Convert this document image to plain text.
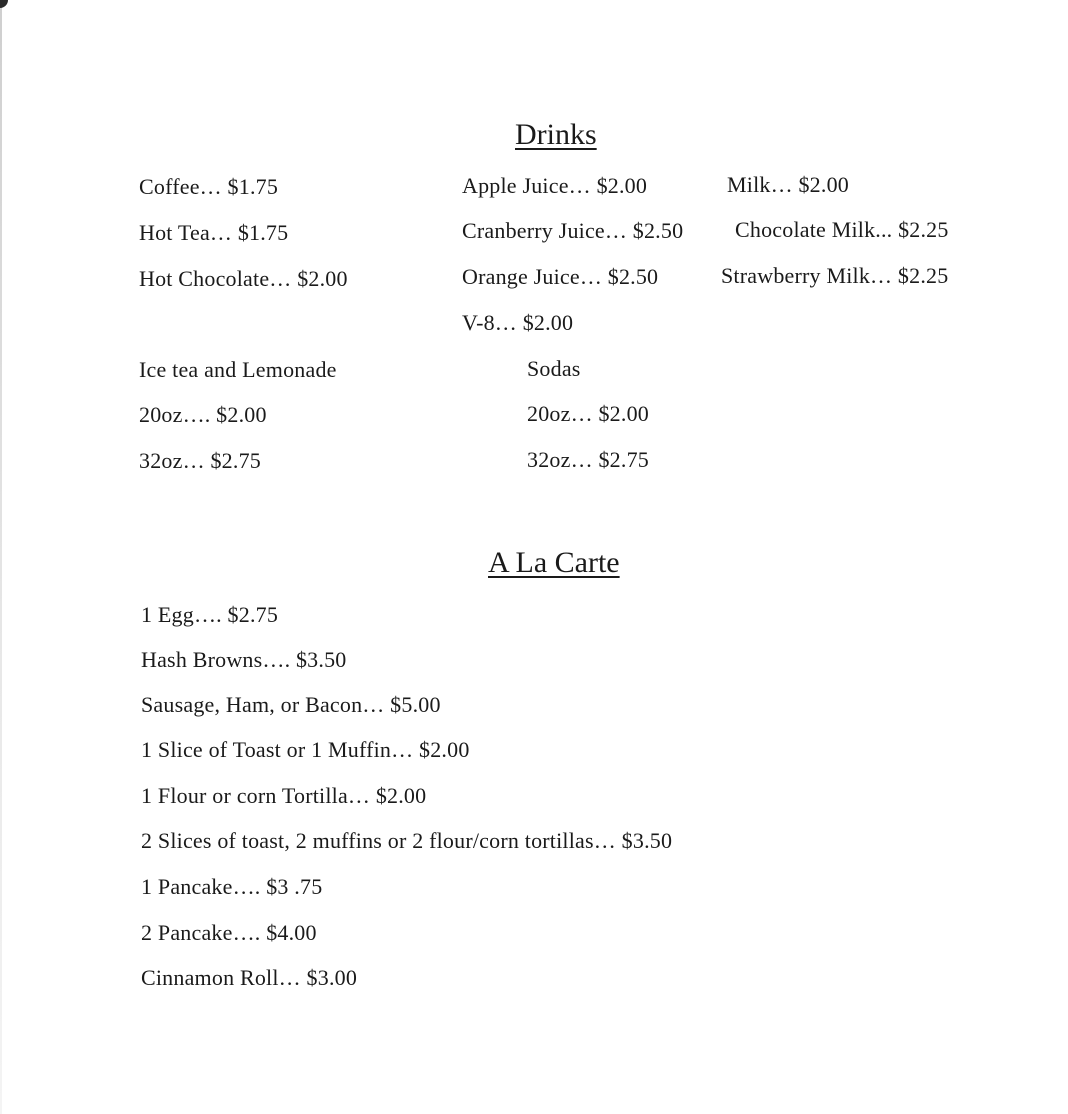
Drinks
Coffee… $1.75
Hot Tea… $1.75
Hot Chocolate… $2.00
Apple Juice… $2.00
Cranberry Juice… $2.50
Orange Juice… $2.50
V-8… $2.00
Milk… $2.00
Chocolate Milk... $2.25
Strawberry Milk… $2.25
Ice tea and Lemonade
20oz…. $2.00
32oz… $2.75
Sodas
20oz… $2.00
32oz… $2.75
A La Carte
1 Egg…. $2.75
Hash Browns…. $3.50
Sausage, Ham, or Bacon… $5.00
1 Slice of Toast or 1 Muffin… $2.00
1 Flour or corn Tortilla… $2.00
2 Slices of toast, 2 muffins or 2 flour/corn tortillas… $3.50
1 Pancake…. $3 .75
2 Pancake…. $4.00
Cinnamon Roll… $3.00
